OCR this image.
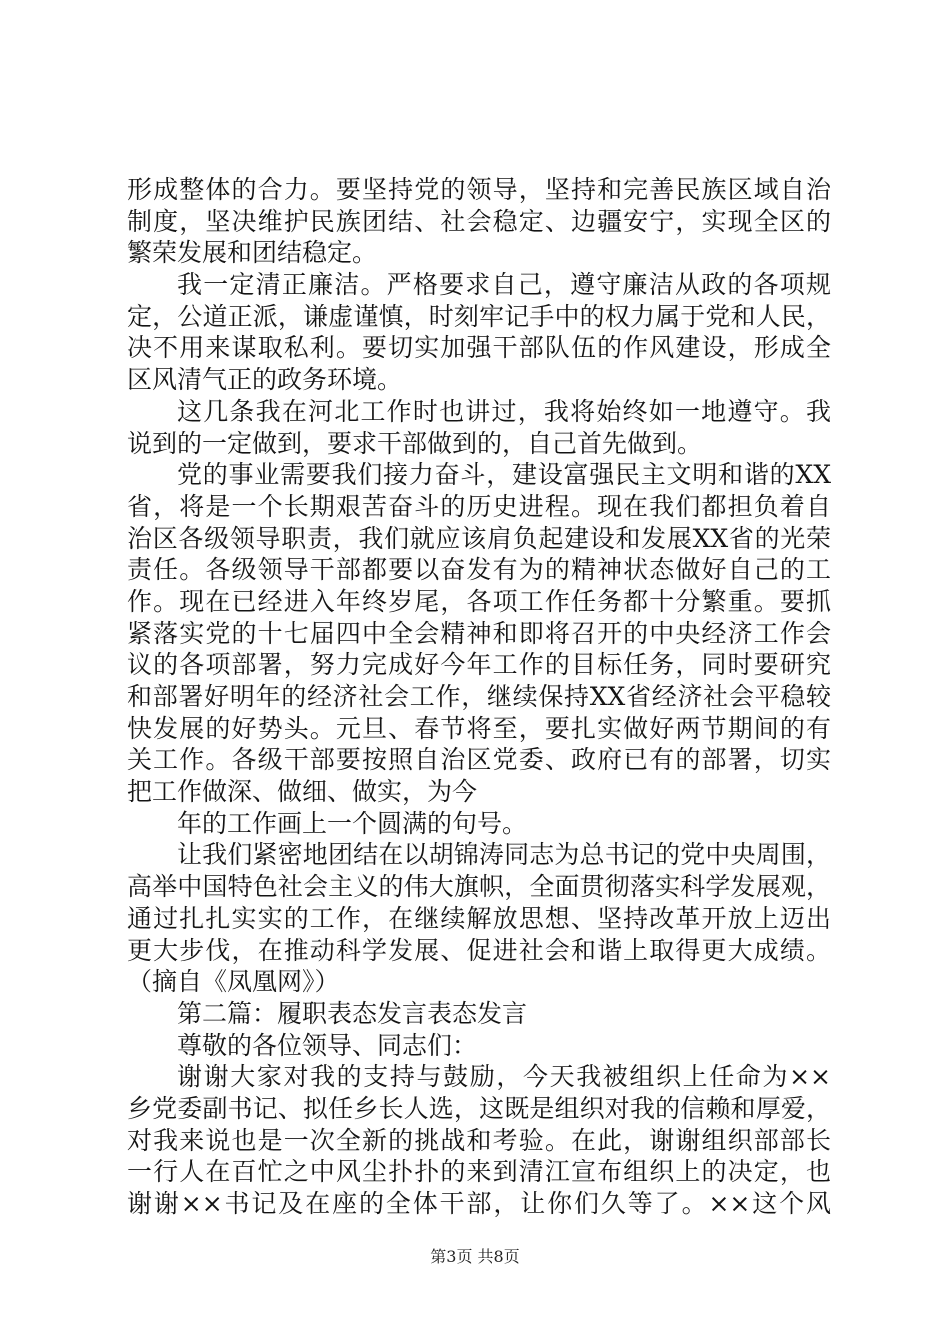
形成整体的合力。要坚持党的领导，坚持和完善民族区域自治
制度，坚决维护民族团结、社会稳定、边疆安宁，实现全区的
繁荣发展和团结稳定。
我一定清正廉洁。严格要求自己，遵守廉洁从政的各项规
定，公道正派，谦虚谨慎，时刻牢记手中的权力属于党和人民，
决不用来谋取私利。要切实加强干部队伍的作风建设，形成全
区风清气正的政务环境。
这几条我在河北工作时也讲过，我将始终如一地遵守。我
说到的一定做到，要求干部做到的，自己首先做到。
党的事业需要我们接力奋斗，建设富强民主文明和谐的XX
省，将是一个长期艰苦奋斗的历史进程。现在我们都担负着自
治区各级领导职责，我们就应该肩负起建设和发展XX省的光荣
责任。各级领导干部都要以奋发有为的精神状态做好自己的工
作。现在已经进入年终岁尾，各项工作任务都十分繁重。要抓
紧落实党的十七届四中全会精神和即将召开的中央经济工作会
议的各项部署，努力完成好今年工作的目标任务，同时要研究
和部署好明年的经济社会工作，继续保持XX省经济社会平稳较
快发展的好势头。元旦、春节将至，要扎实做好两节期间的有
关工作。各级干部要按照自治区党委、政府已有的部署，切实
把工作做深、做细、做实，为今
年的工作画上一个圆满的句号。
让我们紧密地团结在以胡锦涛同志为总书记的党中央周围，
高举中国特色社会主义的伟大旗帜，全面贯彻落实科学发展观，
通过扎扎实实的工作，在继续解放思想、坚持改革开放上迈出
更大步伐，在推动科学发展、促进社会和谐上取得更大成绩。
（摘自《凤凰网》）
第二篇：履职表态发言表态发言
尊敬的各位领导、同志们：
谢谢大家对我的支持与鼓励，今天我被组织上任命为××
乡党委副书记、拟任乡长人选，这既是组织对我的信赖和厚爱，
对我来说也是一次全新的挑战和考验。在此，谢谢组织部部长
一行人在百忙之中风尘扑扑的来到清江宣布组织上的决定，也
谢谢××书记及在座的全体干部，让你们久等了。××这个风
第3页 共8页
